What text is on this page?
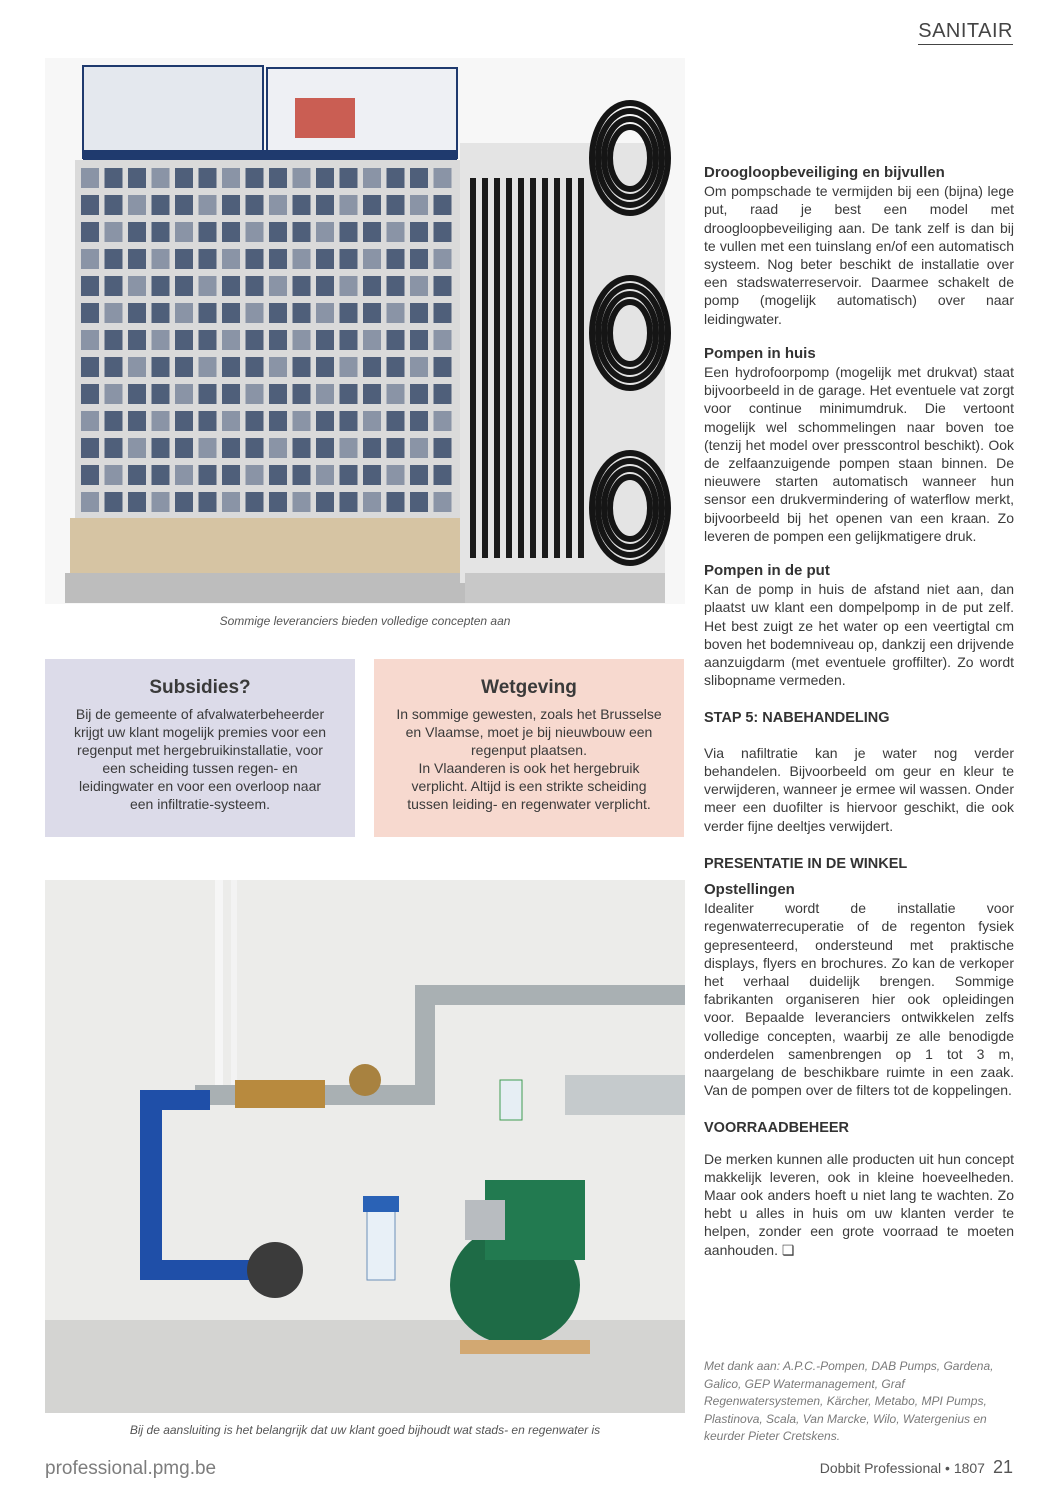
SANITAIR
Sommige leveranciers bieden volledige concepten aan
Subsidies?

Bij de gemeente of afvalwaterbeheerder krijgt uw klant mogelijk premies voor een regenput met hergebruikinstallatie, voor een scheiding tussen regen- en leidingwater en voor een overloop naar een infiltratie-systeem.

Wetgeving

In sommige gewesten, zoals het Brusselse en Vlaamse, moet je bij nieuwbouw een regenput plaatsen.

In Vlaanderen is ook het hergebruik verplicht. Altijd is een strikte scheiding tussen leiding- en regenwater verplicht.

Bij de aansluiting is het belangrijk dat uw klant goed bijhoudt wat stads- en regenwater is
Droogloopbeveiliging en bijvullen

Om pompschade te vermijden bij een (bijna) lege put, raad je best een model met droogloopbeveiliging aan. De tank zelf is dan bij te vullen met een tuinslang en/of een automatisch systeem. Nog beter beschikt de installatie over een stadswaterreservoir. Daarmee schakelt de pomp (mogelijk automatisch) over naar leidingwater.

Pompen in huis

Een hydrofoorpomp (mogelijk met drukvat) staat bijvoorbeeld in de garage. Het eventuele vat zorgt voor continue minimumdruk. Die vertoont mogelijk wel schommelingen naar boven toe (tenzij het model over presscontrol beschikt). Ook de zelfaanzuigende pompen staan binnen. De nieuwere starten automatisch wanneer hun sensor een drukvermindering of waterflow merkt, bijvoorbeeld bij het openen van een kraan. Zo leveren de pompen een gelijkmatigere druk.

Pompen in de put

Kan de pomp in huis de afstand niet aan, dan plaatst uw klant een dompelpomp in de put zelf. Het best zuigt ze het water op een veertigtal cm boven het bodemniveau op, dankzij een drijvende aanzuigdarm (met eventuele groffilter). Zo wordt slibopname vermeden.

STAP 5: NABEHANDELING

Via nafiltratie kan je water nog verder behandelen. Bijvoorbeeld om geur en kleur te verwijderen, wanneer je ermee wil wassen. Onder meer een duofilter is hiervoor geschikt, die ook verder fijne deeltjes verwijdert.

PRESENTATIE IN DE WINKEL
Opstellingen

Idealiter wordt de installatie voor regenwaterrecuperatie of de regenton fysiek gepresenteerd, ondersteund met praktische displays, flyers en brochures. Zo kan de verkoper het verhaal duidelijk brengen. Sommige fabrikanten organiseren hier ook opleidingen voor. Bepaalde leveranciers ontwikkelen zelfs volledige concepten, waarbij ze alle benodigde onderdelen samenbrengen op 1 tot 3 m, naargelang de beschikbare ruimte in een zaak. Van de pompen over de filters tot de koppelingen.

VOORRAADBEHEER

De merken kunnen alle producten uit hun concept makkelijk leveren, ook in kleine hoeveelheden. Maar ook anders hoeft u niet lang te wachten. Zo hebt u alles in huis om uw klanten verder te helpen, zonder een grote voorraad te moeten aanhouden. ❏

Met dank aan: A.P.C.-Pompen, DAB Pumps, Gardena, Galico, GEP Watermanagement, Graf Regenwatersystemen, Kärcher, Metabo, MPI Pumps, Plastinova, Scala, Van Marcke, Wilo, Watergenius en keurder Pieter Cretskens.
professional.pmg.be	Dobbit Professional • 1807 21
